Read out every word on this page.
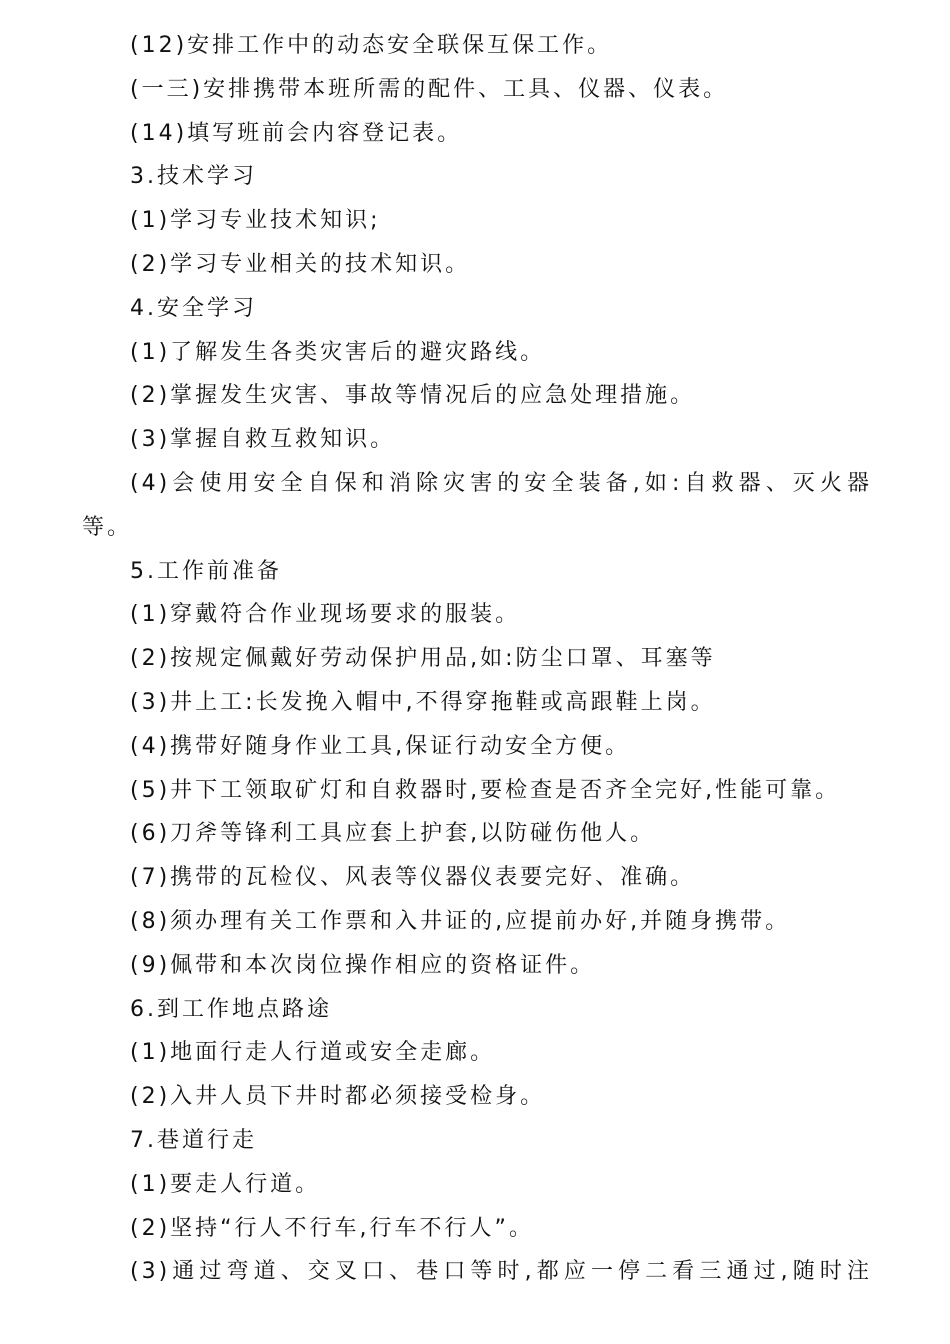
(12)安排工作中的动态安全联保互保工作。
(一三)安排携带本班所需的配件、工具、仪器、仪表。
(14)填写班前会内容登记表。
3.技术学习
(1)学习专业技术知识;
(2)学习专业相关的技术知识。
4.安全学习
(1)了解发生各类灾害后的避灾路线。
(2)掌握发生灾害、事故等情况后的应急处理措施。
(3)掌握自救互救知识。
(4)会使用安全自保和消除灾害的安全装备,如:自救器、灭火器
等。
5.工作前准备
(1)穿戴符合作业现场要求的服装。
(2)按规定佩戴好劳动保护用品,如:防尘口罩、耳塞等
(3)井上工:长发挽入帽中,不得穿拖鞋或高跟鞋上岗。
(4)携带好随身作业工具,保证行动安全方便。
(5)井下工领取矿灯和自救器时,要检查是否齐全完好,性能可靠。
(6)刀斧等锋利工具应套上护套,以防碰伤他人。
(7)携带的瓦检仪、风表等仪器仪表要完好、准确。
(8)须办理有关工作票和入井证的,应提前办好,并随身携带。
(9)佩带和本次岗位操作相应的资格证件。
6.到工作地点路途
(1)地面行走人行道或安全走廊。
(2)入井人员下井时都必须接受检身。
7.巷道行走
(1)要走人行道。
(2)坚持“行人不行车,行车不行人”。
(3)通过弯道、交叉口、巷口等时,都应一停二看三通过,随时注
